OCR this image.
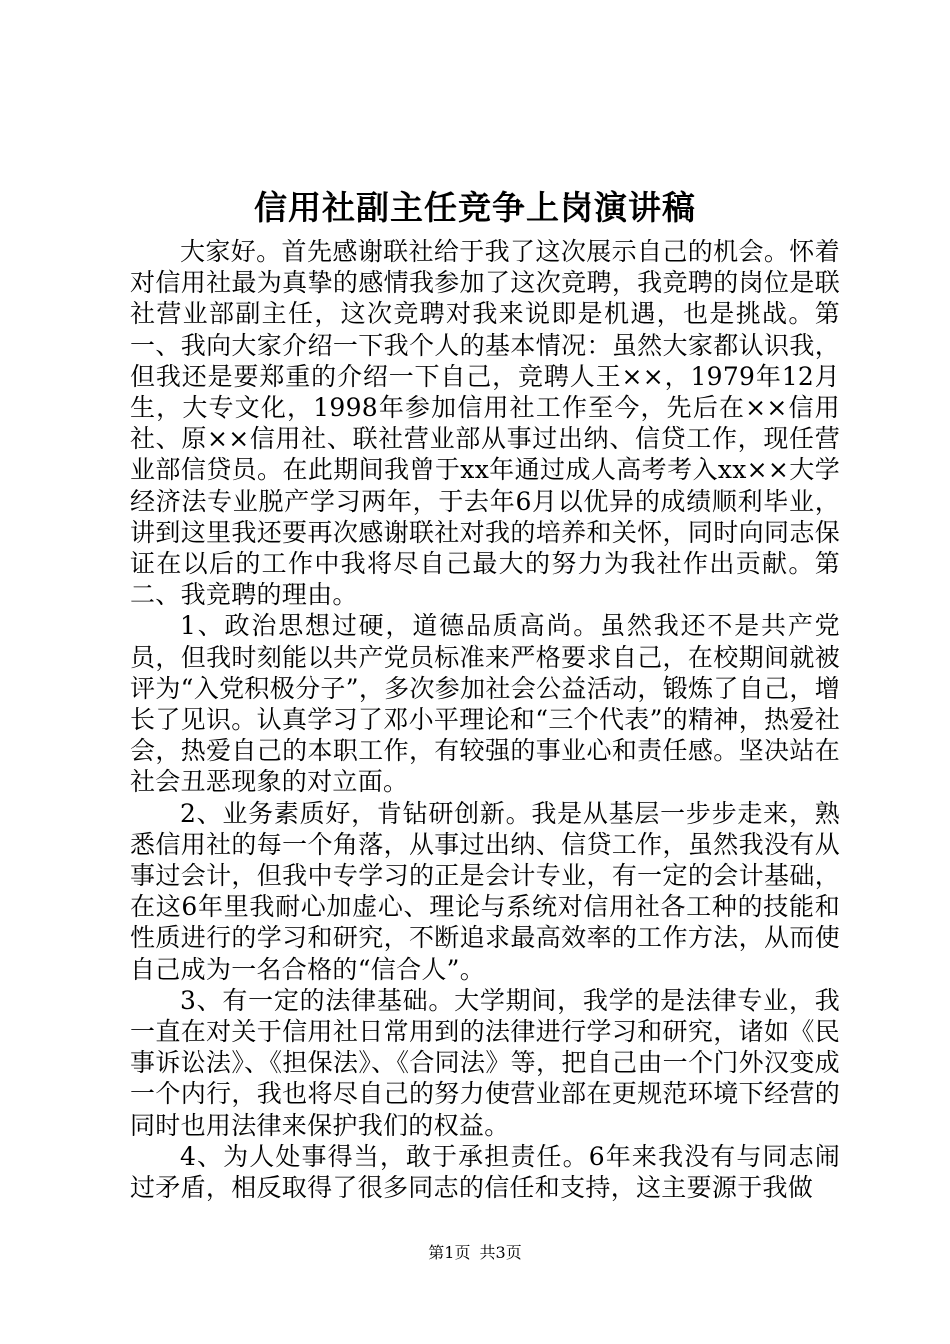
信用社副主任竞争上岗演讲稿

大家好。首先感谢联社给于我了这次展示自己的机会。怀着对信用社最为真挚的感情我参加了这次竞聘，我竞聘的岗位是联社营业部副主任，这次竞聘对我来说即是机遇，也是挑战。第一、我向大家介绍一下我个人的基本情况：虽然大家都认识我，但我还是要郑重的介绍一下自己，竞聘人王××，1979年12月生，大专文化，1998年参加信用社工作至今，先后在××信用社、原××信用社、联社营业部从事过出纳、信贷工作，现任营业部信贷员。在此期间我曾于xx年通过成人高考考入xx××大学经济法专业脱产学习两年，于去年6月以优异的成绩顺利毕业，讲到这里我还要再次感谢联社对我的培养和关怀，同时向同志保证在以后的工作中我将尽自己最大的努力为我社作出贡献。第二、我竞聘的理由。

1、政治思想过硬，道德品质高尚。虽然我还不是共产党员，但我时刻能以共产党员标准来严格要求自己，在校期间就被评为“入党积极分子”，多次参加社会公益活动，锻炼了自己，增长了见识。认真学习了邓小平理论和“三个代表”的精神，热爱社会，热爱自己的本职工作，有较强的事业心和责任感。坚决站在社会丑恶现象的对立面。

2、业务素质好，肯钻研创新。我是从基层一步步走来，熟悉信用社的每一个角落，从事过出纳、信贷工作，虽然我没有从事过会计，但我中专学习的正是会计专业，有一定的会计基础，在这6年里我耐心加虚心、理论与系统对信用社各工种的技能和性质进行的学习和研究，不断追求最高效率的工作方法，从而使自己成为一名合格的“信合人”。

3、有一定的法律基础。大学期间，我学的是法律专业，我一直在对关于信用社日常用到的法律进行学习和研究，诸如《民事诉讼法》、《担保法》、《合同法》等，把自己由一个门外汉变成一个内行，我也将尽自己的努力使营业部在更规范环境下经营的同时也用法律来保护我们的权益。

4、为人处事得当，敢于承担责任。6年来我没有与同志闹过矛盾，相反取得了很多同志的信任和支持，这主要源于我做

第1页 共3页
